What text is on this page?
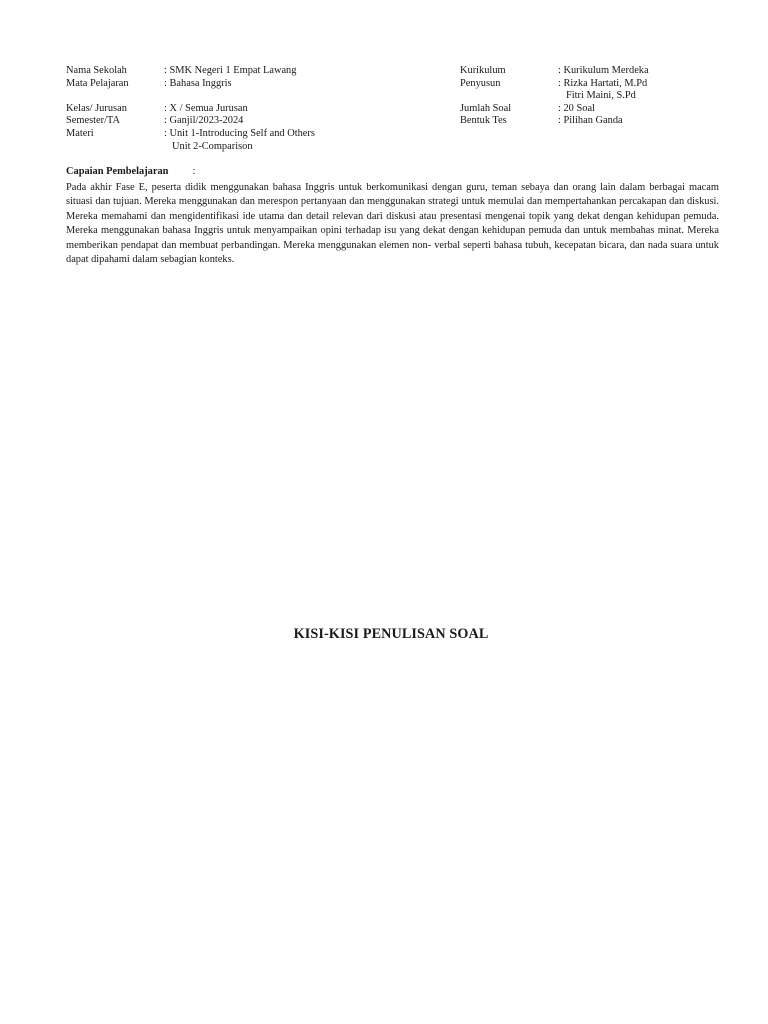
Nama Sekolah	: SMK Negeri 1 Empat Lawang
Mata Pelajaran	: Bahasa Inggris
Kelas/ Jurusan	: X / Semua Jurusan
Semester/TA	: Ganjil/2023-2024
Materi	: Unit 1-Introducing Self and Others
Unit 2-Comparison
Kurikulum	: Kurikulum Merdeka
Penyusun	: Rizka Hartati, M.Pd
Fitri Maini, S.Pd
Jumlah Soal	: 20 Soal
Bentuk Tes	: Pilihan Ganda
Capaian Pembelajaran :
Pada akhir Fase E, peserta didik menggunakan bahasa Inggris untuk berkomunikasi dengan guru, teman sebaya dan orang lain dalam berbagai macam situasi dan tujuan. Mereka menggunakan dan merespon pertanyaan dan menggunakan strategi untuk memulai dan mempertahankan percakapan dan diskusi. Mereka memahami dan mengidentifikasi ide utama dan detail relevan dari diskusi atau presentasi mengenai topik yang dekat dengan kehidupan pemuda. Mereka menggunakan bahasa Inggris untuk menyampaikan opini terhadap isu yang dekat dengan kehidupan pemuda dan untuk membahas minat. Mereka memberikan pendapat dan membuat perbandingan. Mereka menggunakan elemen non- verbal seperti bahasa tubuh, kecepatan bicara, dan nada suara untuk dapat dipahami dalam sebagian konteks.
KISI-KISI PENULISAN SOAL
